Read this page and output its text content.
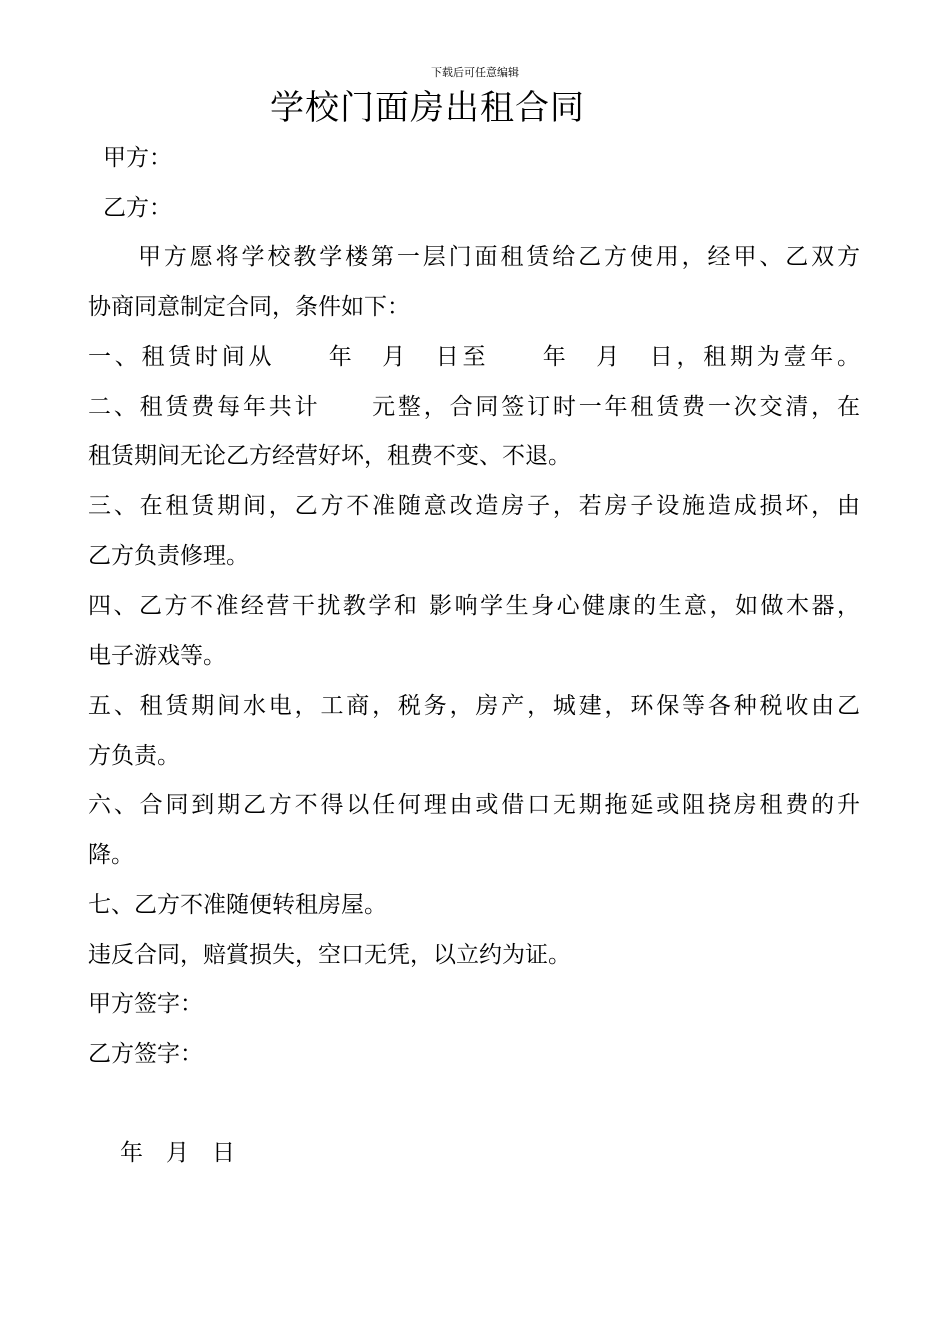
下载后可任意编辑
学校门面房出租合同
甲方：
乙方：
甲方愿将学校教学楼第一层门面租赁给乙方使用，经甲、乙双方
协商同意制定合同，条件如下：
一、租赁时间从　　年　月　日至　　年　月　日，租期为壹年。
二、租赁费每年共计　　元整，合同签订时一年租赁费一次交清，在
租赁期间无论乙方经营好坏，租费不变、不退。
三、在租赁期间，乙方不准随意改造房子，若房子设施造成损坏，由
乙方负责修理。
四、乙方不准经营干扰教学和 影响学生身心健康的生意，如做木器，
电子游戏等。
五、租赁期间水电，工商，税务，房产，城建，环保等各种税收由乙
方负责。
六、合同到期乙方不得以任何理由或借口无期拖延或阻挠房租费的升
降。
七、乙方不准随便转租房屋。
违反合同，赔賞损失，空口无凭，以立约为证。
甲方签字：
乙方签字：
年　月　日
